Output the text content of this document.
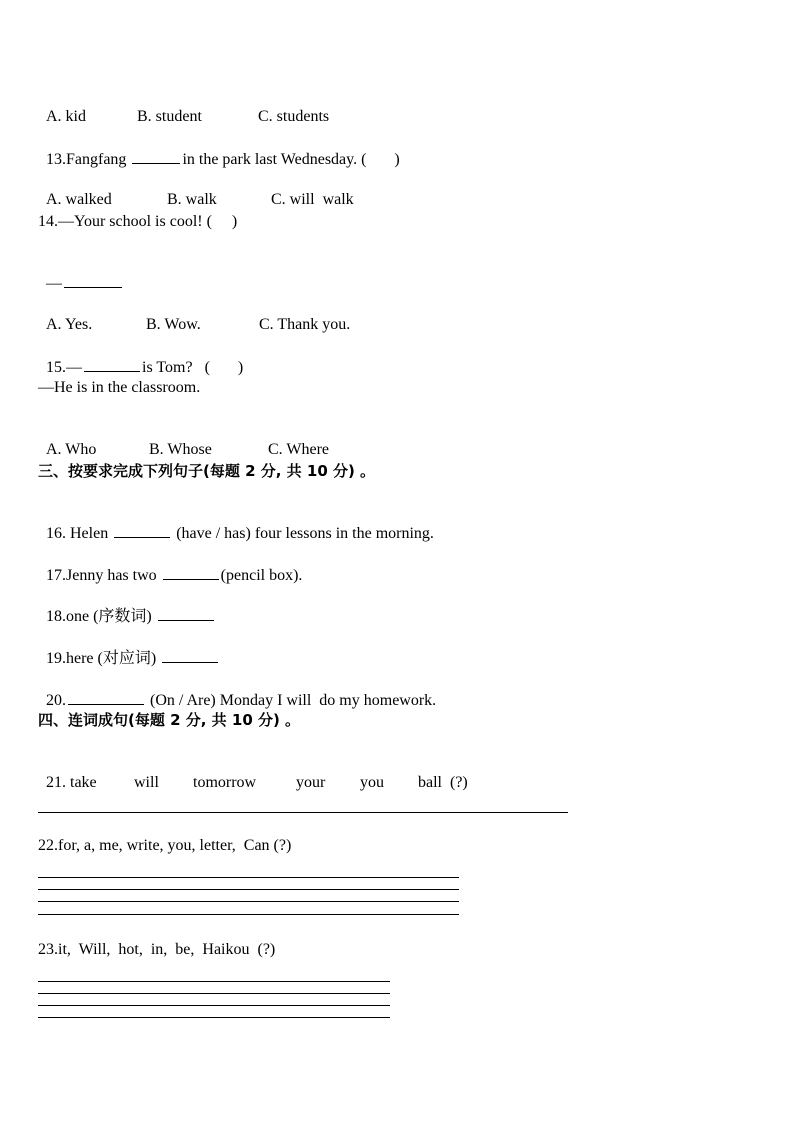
A. kid	B. student	C. students

13.Fangfang	in the park last Wednesday. (       )

A. walked	B. walk	C. will  walk

14.—Your school is cool! (     )

—

A. Yes.	B. Wow.	C. Thank you.

15.—	is Tom?   (       )

—He is in the classroom.

A. Who	B. Whose	C. Where

三、按要求完成下列句子(每题 2 分, 共 10 分) 。

16. Helen	(have / has) four lessons in the morning.

17.Jenny has two	(pencil box).

18.one (序数词)

19.here (对应词)

20.	(On / Are) Monday I will  do my homework.

四、连词成句(每题 2 分, 共 10 分) 。

21. take will tomorrow your you ball  (?)

22.for, a, me, write, you, letter,  Can (?)
23.it,  Will,  hot,  in,  be,  Haikou  (?)
